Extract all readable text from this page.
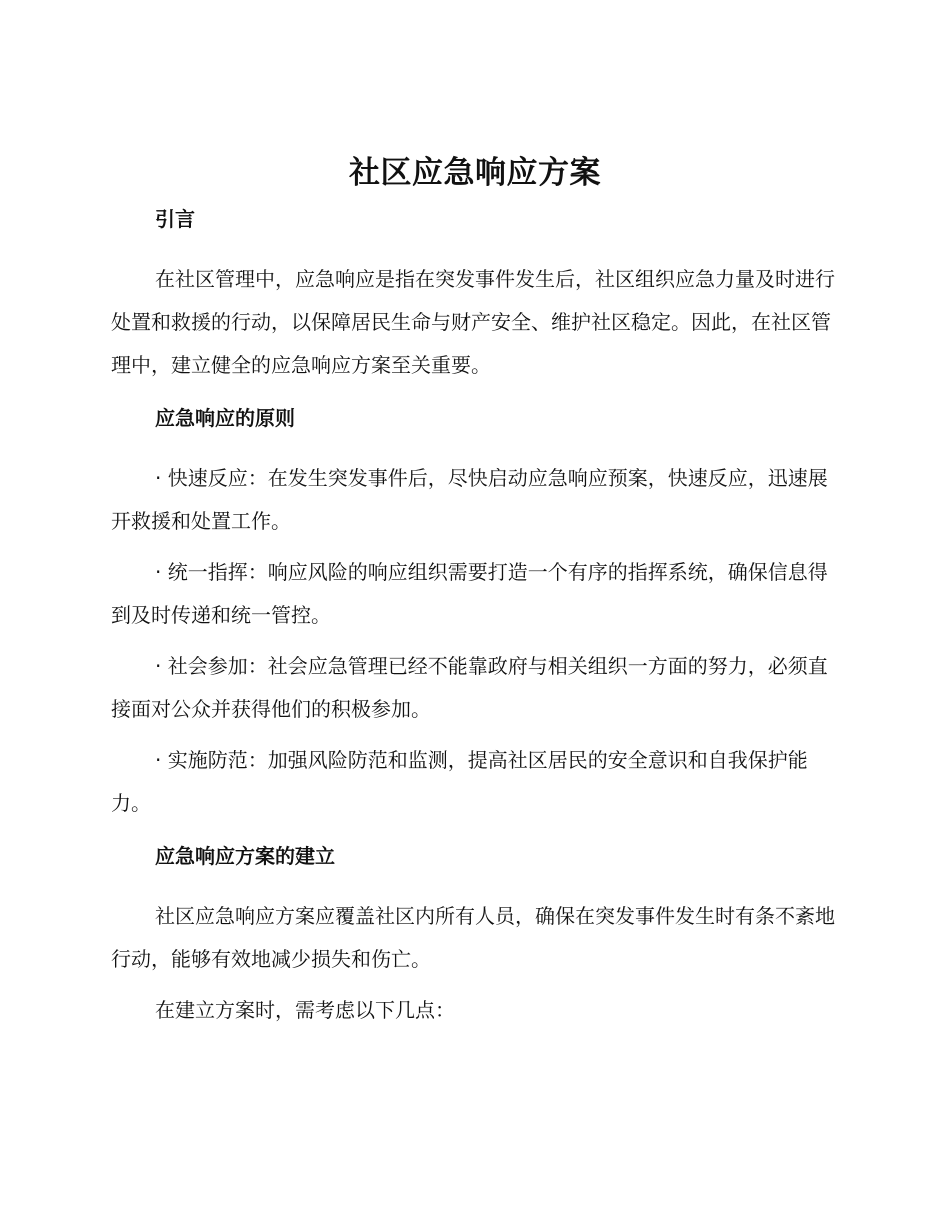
社区应急响应方案
引言

在社区管理中，应急响应是指在突发事件发生后，社区组织应急力量及时进行处置和救援的行动，以保障居民生命与财产安全、维护社区稳定。因此，在社区管理中，建立健全的应急响应方案至关重要。

应急响应的原则

· 快速反应：在发生突发事件后，尽快启动应急响应预案，快速反应，迅速展开救援和处置工作。

· 统一指挥：响应风险的响应组织需要打造一个有序的指挥系统，确保信息得到及时传递和统一管控。

· 社会参加：社会应急管理已经不能靠政府与相关组织一方面的努力，必须直接面对公众并获得他们的积极参加。

· 实施防范：加强风险防范和监测，提高社区居民的安全意识和自我保护能力。

应急响应方案的建立

社区应急响应方案应覆盖社区内所有人员，确保在突发事件发生时有条不紊地行动，能够有效地减少损失和伤亡。

在建立方案时，需考虑以下几点：
